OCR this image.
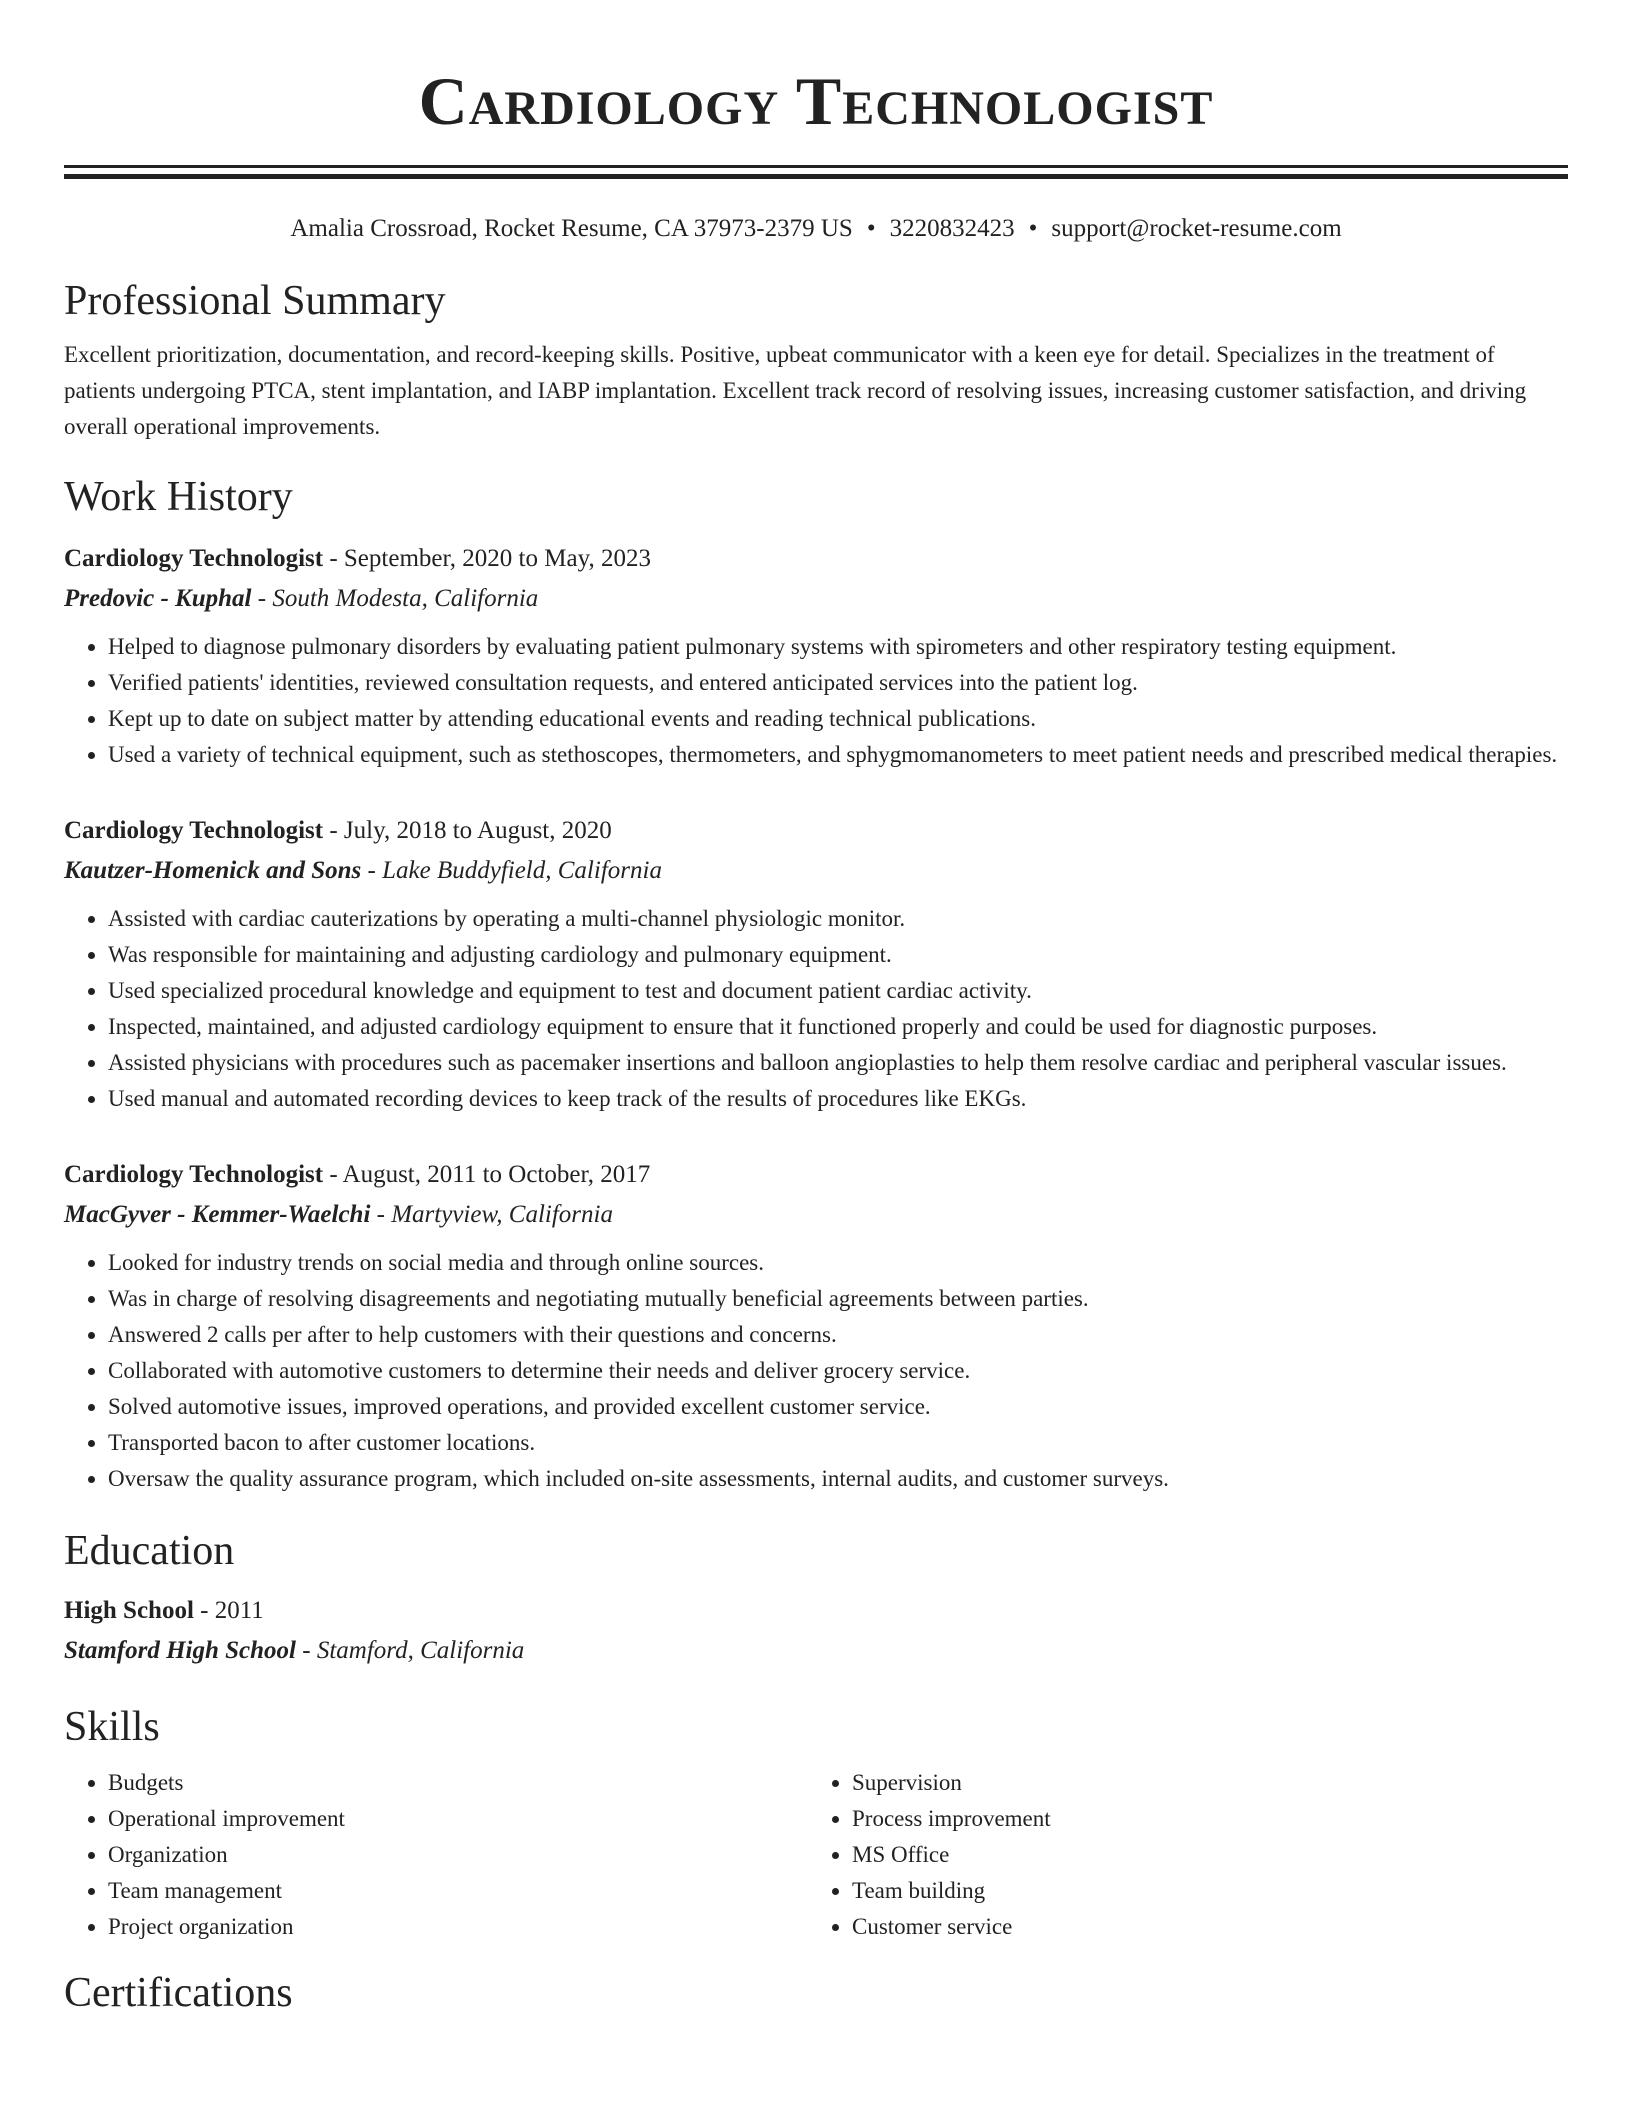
Cardiology Technologist
Amalia Crossroad, Rocket Resume, CA 37973-2379 US • 3220832423 • support@rocket-resume.com
Professional Summary
Excellent prioritization, documentation, and record-keeping skills. Positive, upbeat communicator with a keen eye for detail. Specializes in the treatment of patients undergoing PTCA, stent implantation, and IABP implantation. Excellent track record of resolving issues, increasing customer satisfaction, and driving overall operational improvements.
Work History
Cardiology Technologist - September, 2020 to May, 2023
Predovic - Kuphal - South Modesta, California
• Helped to diagnose pulmonary disorders by evaluating patient pulmonary systems with spirometers and other respiratory testing equipment.
• Verified patients' identities, reviewed consultation requests, and entered anticipated services into the patient log.
• Kept up to date on subject matter by attending educational events and reading technical publications.
• Used a variety of technical equipment, such as stethoscopes, thermometers, and sphygmomanometers to meet patient needs and prescribed medical therapies.
Cardiology Technologist - July, 2018 to August, 2020
Kautzer-Homenick and Sons - Lake Buddyfield, California
• Assisted with cardiac cauterizations by operating a multi-channel physiologic monitor.
• Was responsible for maintaining and adjusting cardiology and pulmonary equipment.
• Used specialized procedural knowledge and equipment to test and document patient cardiac activity.
• Inspected, maintained, and adjusted cardiology equipment to ensure that it functioned properly and could be used for diagnostic purposes.
• Assisted physicians with procedures such as pacemaker insertions and balloon angioplasties to help them resolve cardiac and peripheral vascular issues.
• Used manual and automated recording devices to keep track of the results of procedures like EKGs.
Cardiology Technologist - August, 2011 to October, 2017
MacGyver - Kemmer-Waelchi - Martyview, California
• Looked for industry trends on social media and through online sources.
• Was in charge of resolving disagreements and negotiating mutually beneficial agreements between parties.
• Answered 2 calls per after to help customers with their questions and concerns.
• Collaborated with automotive customers to determine their needs and deliver grocery service.
• Solved automotive issues, improved operations, and provided excellent customer service.
• Transported bacon to after customer locations.
• Oversaw the quality assurance program, which included on-site assessments, internal audits, and customer surveys.
Education
High School - 2011
Stamford High School - Stamford, California
Skills
• Budgets
• Operational improvement
• Organization
• Team management
• Project organization
• Supervision
• Process improvement
• MS Office
• Team building
• Customer service
Certifications
